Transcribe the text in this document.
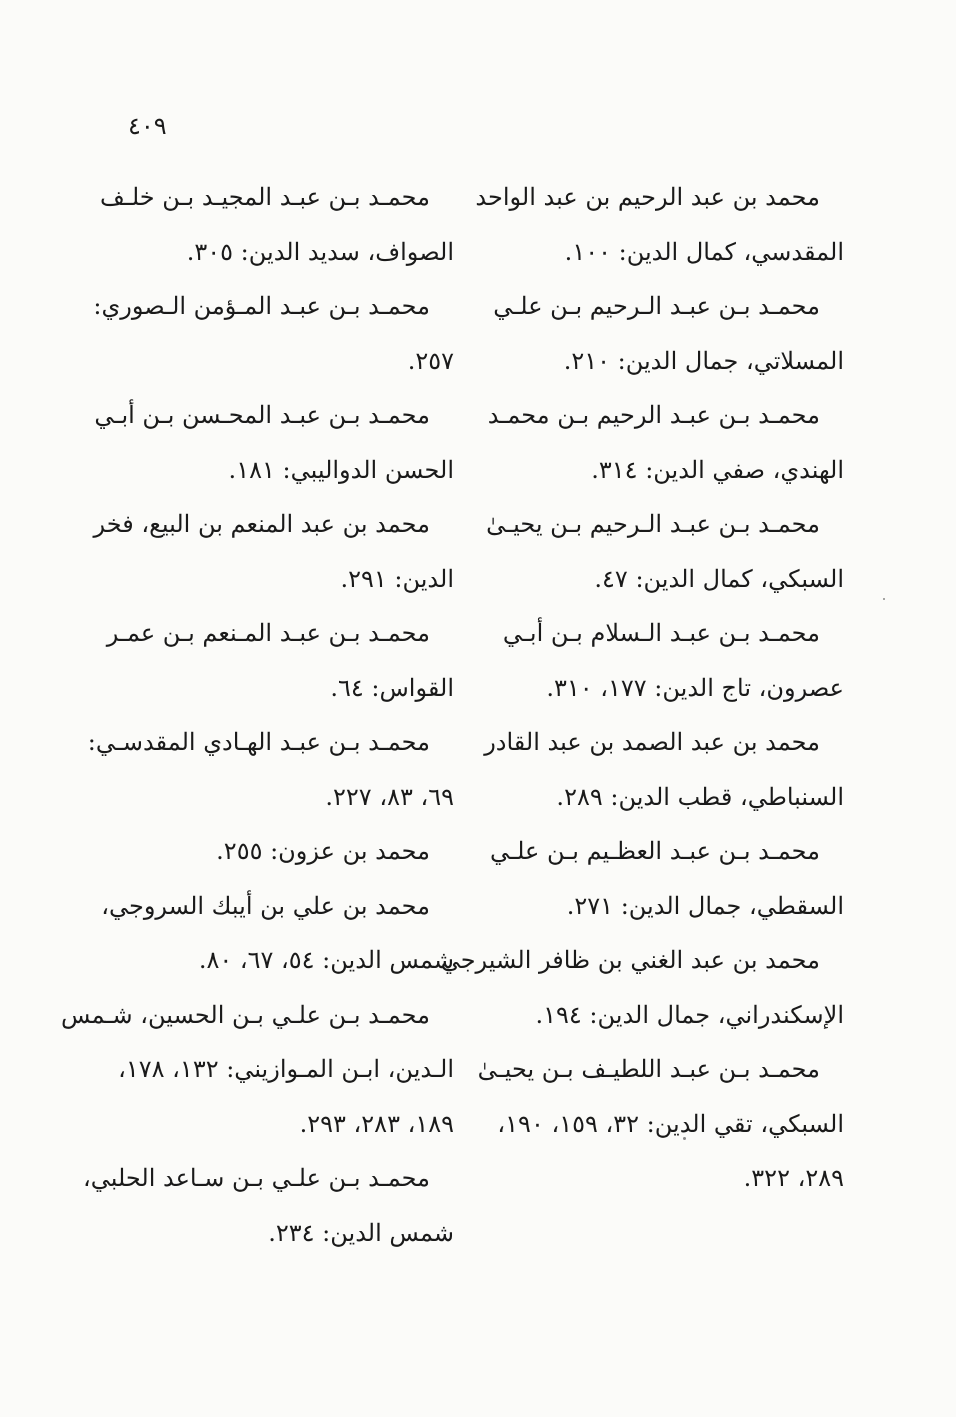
٤٠٩
محمد بن عبد الرحيم بن عبد الواحد
المقدسي، كمال الدين: ١٠٠.
محمـد بـن عبـد الـرحيم بـن علـي
المسلاتي، جمال الدين: ٢١٠.
محمـد بـن عبـد الرحيم بـن محمـد
الهندي، صفي الدين: ٣١٤.
محمـد بـن عبـد الـرحيم بـن يحيـىٰ
السبكي، كمال الدين: ٤٧.
محمـد بـن عبـد الـسلام بـن أبـي
عصرون، تاج الدين: ١٧٧، ٣١٠.
محمد بن عبد الصمد بن عبد القادر
السنباطي، قطب الدين: ٢٨٩.
محمـد بـن عبـد العظـيم بـن علـي
السقطي، جمال الدين: ٢٧١.
محمد بن عبد الغني بن ظافر الشيرجي
الإسكندراني، جمال الدين: ١٩٤.
محمـد بـن عبـد اللطيـف بـن يحيـىٰ
السبكي، تقي الدين: ٣٢، ١٥٩، ١٩٠،
٢٨٩، ٣٢٢.
محمـد بـن عبـد المجيـد بـن خلـف
الصواف، سديد الدين: ٣٠٥.
محمـد بـن عبـد المـؤمن الـصوري:
٢٥٧.
محمـد بـن عبـد المحـسن بـن أبـي
الحسن الدواليبي: ١٨١.
محمد بن عبد المنعم بن البيع، فخر
الدين: ٢٩١.
محمـد بـن عبـد المـنعم بـن عمـر
القواس: ٦٤.
محمـد بـن عبـد الهـادي المقدسـي:
٦٩، ٨٣، ٢٢٧.
محمد بن عزون: ٢٥٥.
محمد بن علي بن أيبك السروجي،
شمس الدين: ٥٤، ٦٧، ٨٠.
محمـد بـن علـي بـن الحسين، شـمس
الـدين، ابـن المـوازيني: ١٣٢، ١٧٨،
١٨٩، ٢٨٣، ٢٩٣.
محمـد بـن علـي بـن سـاعد الحلبي،
شمس الدين: ٢٣٤.
